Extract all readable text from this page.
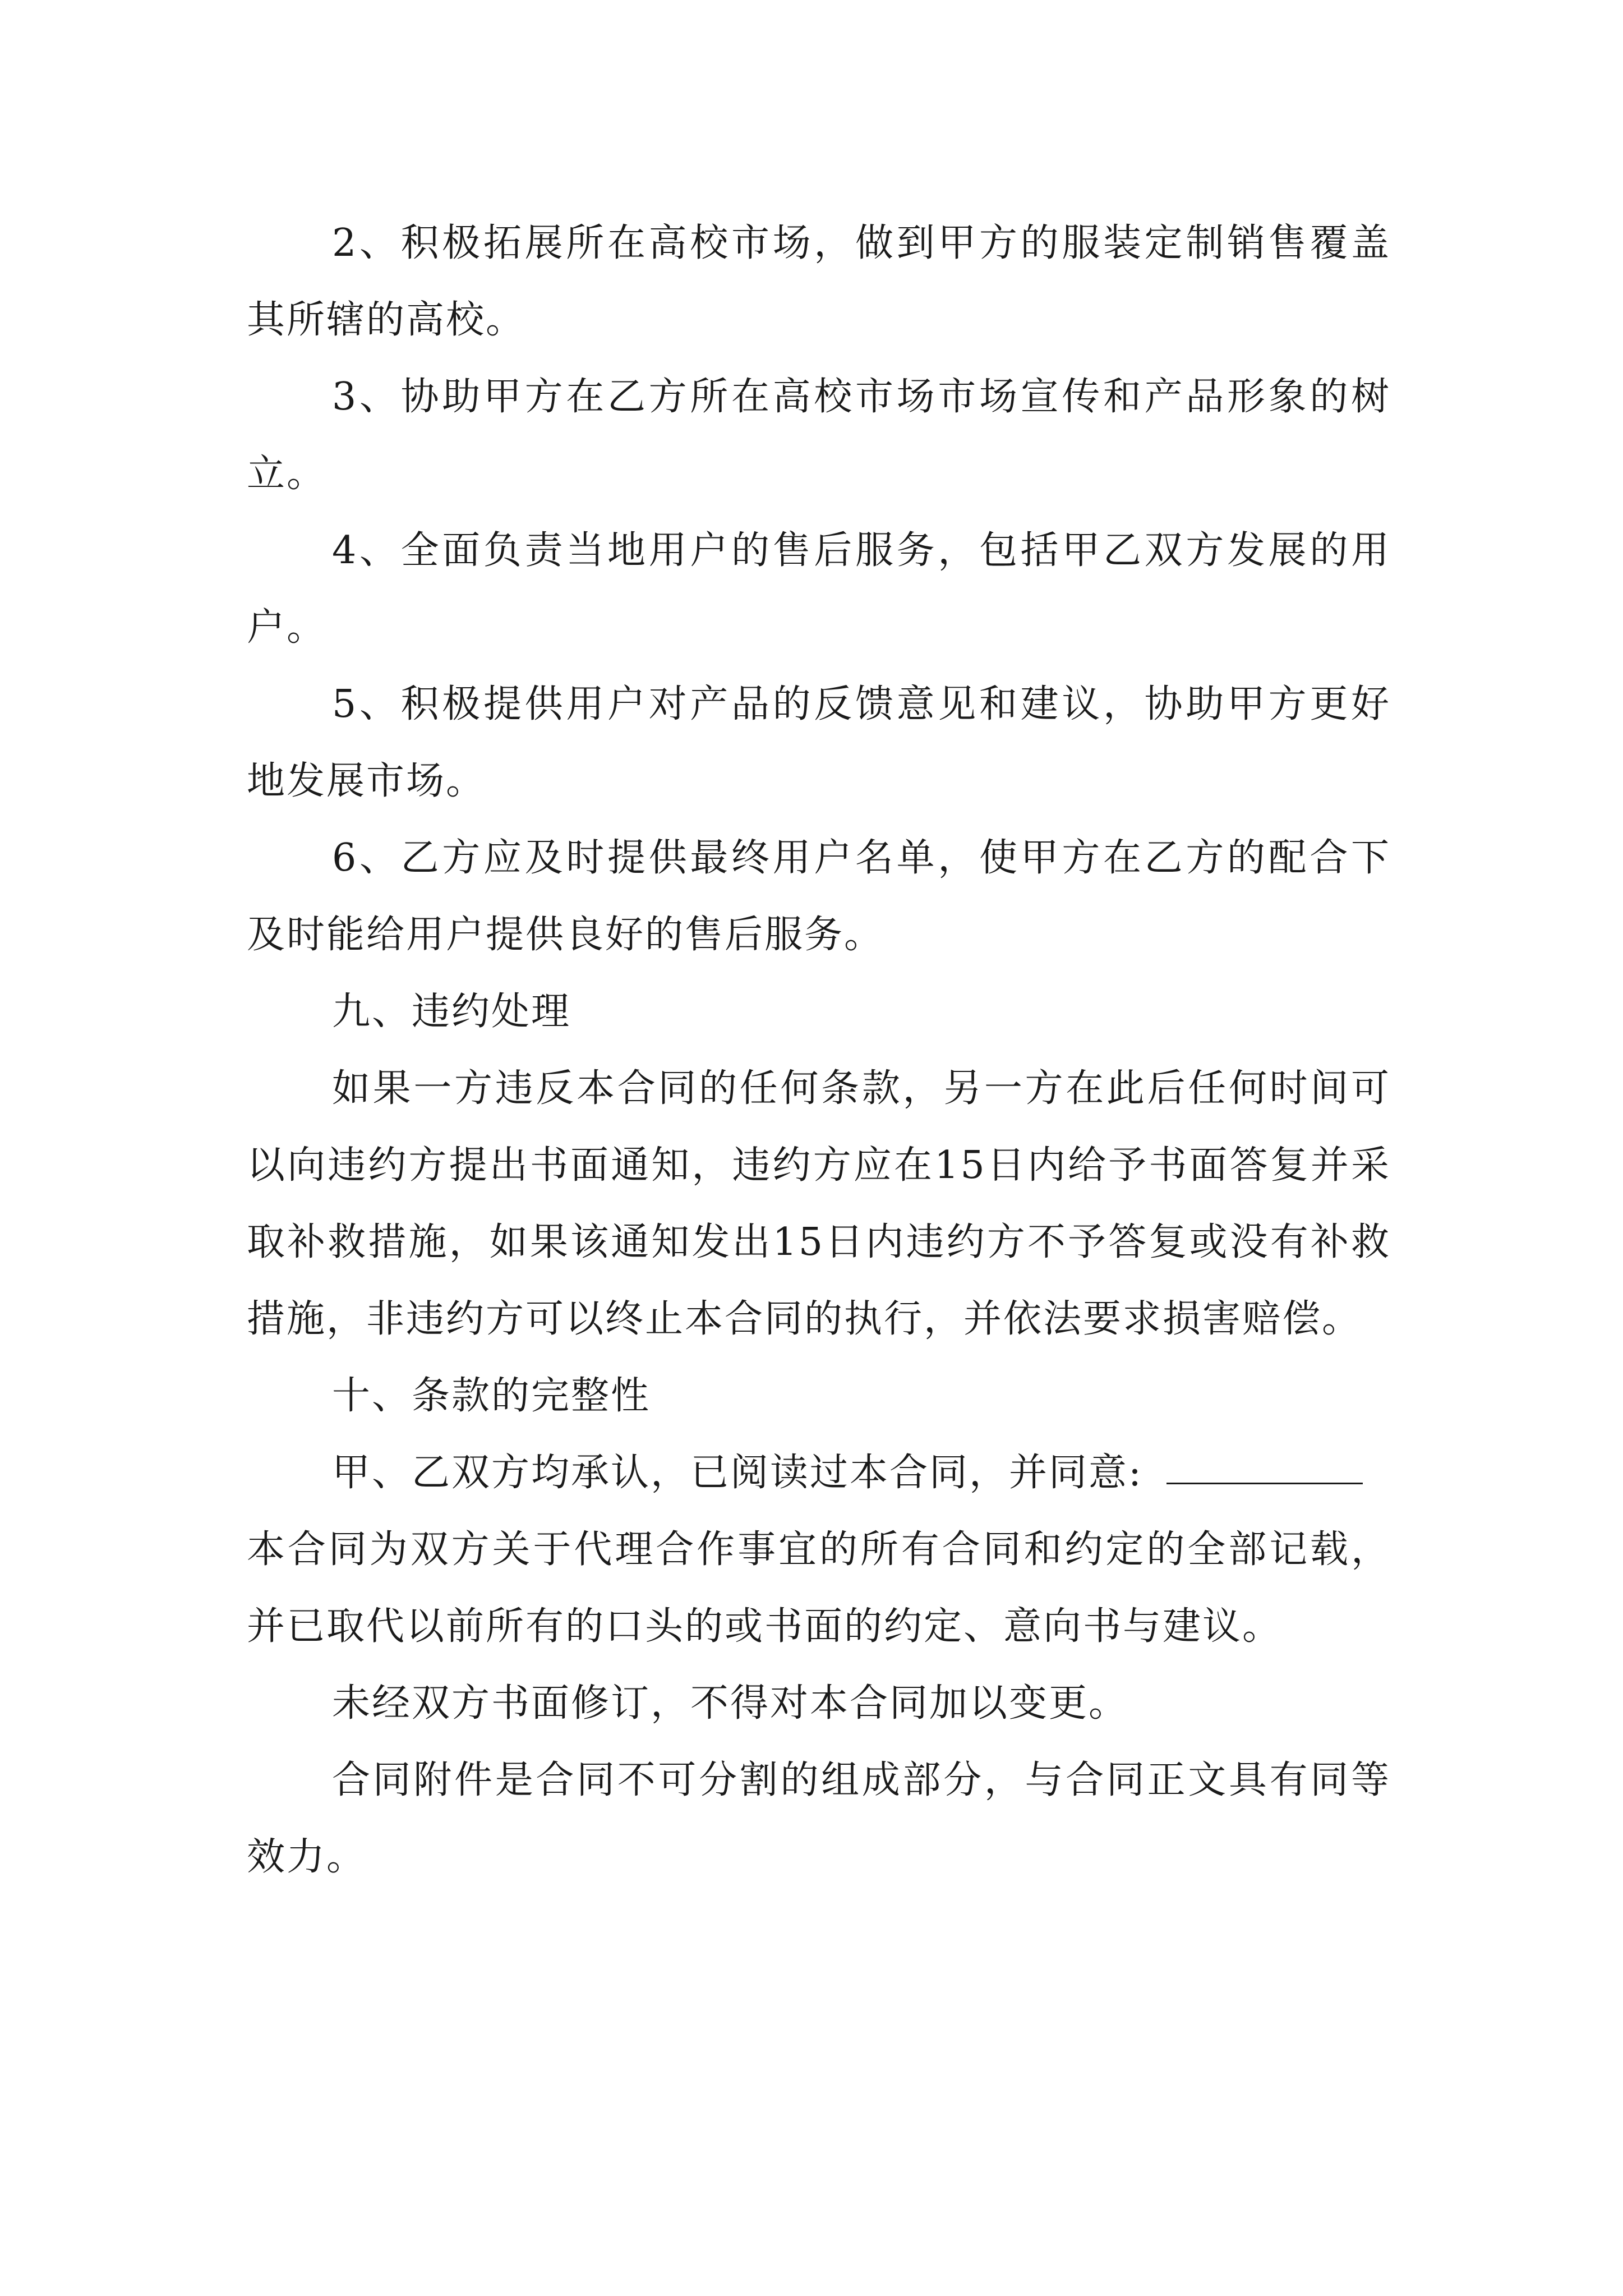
2、积极拓展所在高校市场，做到甲方的服装定制销售覆盖其所辖的高校。

3、协助甲方在乙方所在高校市场市场宣传和产品形象的树立。

4、全面负责当地用户的售后服务，包括甲乙双方发展的用户。

5、积极提供用户对产品的反馈意见和建议，协助甲方更好地发展市场。

6、乙方应及时提供最终用户名单，使甲方在乙方的配合下及时能给用户提供良好的售后服务。

九、违约处理

如果一方违反本合同的任何条款，另一方在此后任何时间可以向违约方提出书面通知，违约方应在15日内给予书面答复并采取补救措施，如果该通知发出15日内违约方不予答复或没有补救措施，非违约方可以终止本合同的执行，并依法要求损害赔偿。

十、条款的完整性

甲、乙双方均承认，已阅读过本合同，并同意:

本合同为双方关于代理合作事宜的所有合同和约定的全部记载，并已取代以前所有的口头的或书面的约定、意向书与建议。

未经双方书面修订，不得对本合同加以变更。

合同附件是合同不可分割的组成部分，与合同正文具有同等效力。
